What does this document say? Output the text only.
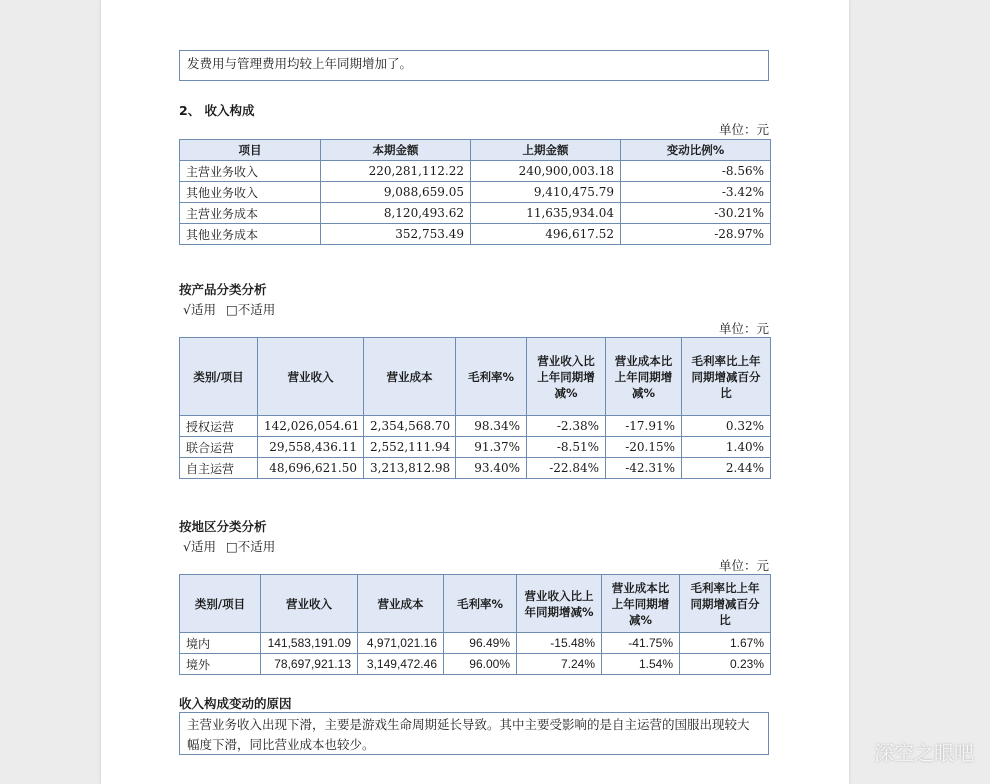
发费用与管理费用均较上年同期增加了。
2、 收入构成
单位：元
项目	本期金额	上期金额	变动比例%
主营业务收入	220,281,112.22	240,900,003.18	-8.56%
其他业务收入	9,088,659.05	9,410,475.79	-3.42%
主营业务成本	8,120,493.62	11,635,934.04	-30.21%
其他业务成本	352,753.49	496,617.52	-28.97%
按产品分类分析
√适用 □不适用
单位：元
类别/项目	营业收入	营业成本	毛利率%	营业收入比上年同期增减%	营业成本比上年同期增减%	毛利率比上年同期增减百分比
授权运营	142,026,054.61	2,354,568.70	98.34%	-2.38%	-17.91%	0.32%
联合运营	29,558,436.11	2,552,111.94	91.37%	-8.51%	-20.15%	1.40%
自主运营	48,696,621.50	3,213,812.98	93.40%	-22.84%	-42.31%	2.44%
按地区分类分析
√适用 □不适用
单位：元
类别/项目	营业收入	营业成本	毛利率%	营业收入比上年同期增减%	营业成本比上年同期增减%	毛利率比上年同期增减百分比
境内	141,583,191.09	4,971,021.16	96.49%	-15.48%	-41.75%	1.67%
境外	78,697,921.13	3,149,472.46	96.00%	7.24%	1.54%	0.23%
收入构成变动的原因
主营业务收入出现下滑，主要是游戏生命周期延长导致。其中主要受影响的是自主运营的国服出现较大幅度下滑，同比营业成本也较少。	深空之眼吧
